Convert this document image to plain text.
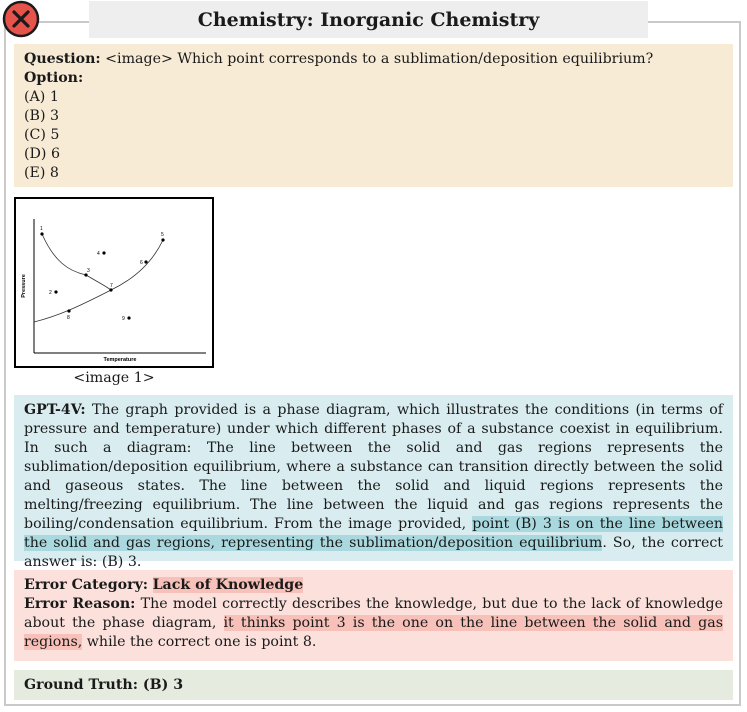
Chemistry: Inorganic Chemistry
Question: <image> Which point corresponds to a sublimation/deposition equilibrium?
Option:
(A) 1
(B) 3
(C) 5
(D) 6
(E) 8
Temperature
Pressure
1
2
3
4
5
6
7
8	9
<image 1>
GPT-4V: The graph provided is a phase diagram, which illustrates the conditions (in terms of pressure and temperature) under which different phases of a substance coexist in equilibrium. In such a diagram: The line between the solid and gas regions represents the sublimation/deposition equilibrium, where a substance can transition directly between the solid and gaseous states. The line between the solid and liquid regions represents the melting/freezing equilibrium. The line between the liquid and gas regions represents the boiling/condensation equilibrium. From the image provided, point (B) 3 is on the line between the solid and gas regions, representing the sublimation/deposition equilibrium. So, the correct answer is: (B) 3.
Error Category: Lack of Knowledge
Error Reason: The model correctly describes the knowledge, but due to the lack of knowledge about the phase diagram, it thinks point 3 is the one on the line between the solid and gas regions, while the correct one is point 8.
Ground Truth:
(B) 3
